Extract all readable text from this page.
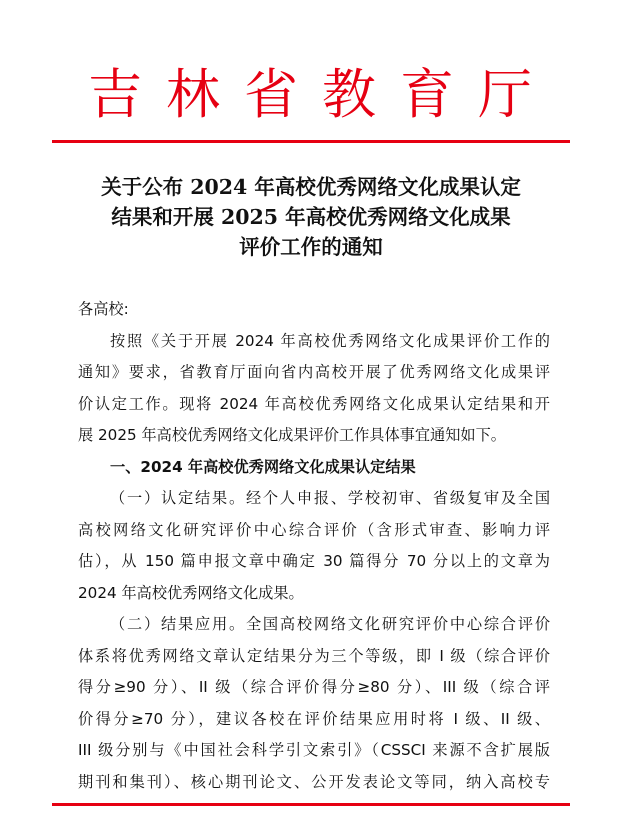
吉林省教育厅
关于公布 2024 年高校优秀网络文化成果认定
结果和开展 2025 年高校优秀网络文化成果
评价工作的通知
各高校:
按照《关于开展 2024 年高校优秀网络文化成果评价工作的
通知》要求，省教育厅面向省内高校开展了优秀网络文化成果评
价认定工作。现将 2024 年高校优秀网络文化成果认定结果和开
展 2025 年高校优秀网络文化成果评价工作具体事宜通知如下。
一、2024 年高校优秀网络文化成果认定结果
（一）认定结果。经个人申报、学校初审、省级复审及全国
高校网络文化研究评价中心综合评价（含形式审查、影响力评
估），从 150 篇申报文章中确定 30 篇得分 70 分以上的文章为
2024 年高校优秀网络文化成果。
（二）结果应用。全国高校网络文化研究评价中心综合评价
体系将优秀网络文章认定结果分为三个等级，即 I 级（综合评价
得分≥90 分）、II 级（综合评价得分≥80 分）、III 级（综合评
价得分≥70 分），建议各校在评价结果应用时将 I 级、II 级、
III 级分别与《中国社会科学引文索引》（CSSCI 来源不含扩展版
期刊和集刊）、核心期刊论文、公开发表论文等同，纳入高校专
